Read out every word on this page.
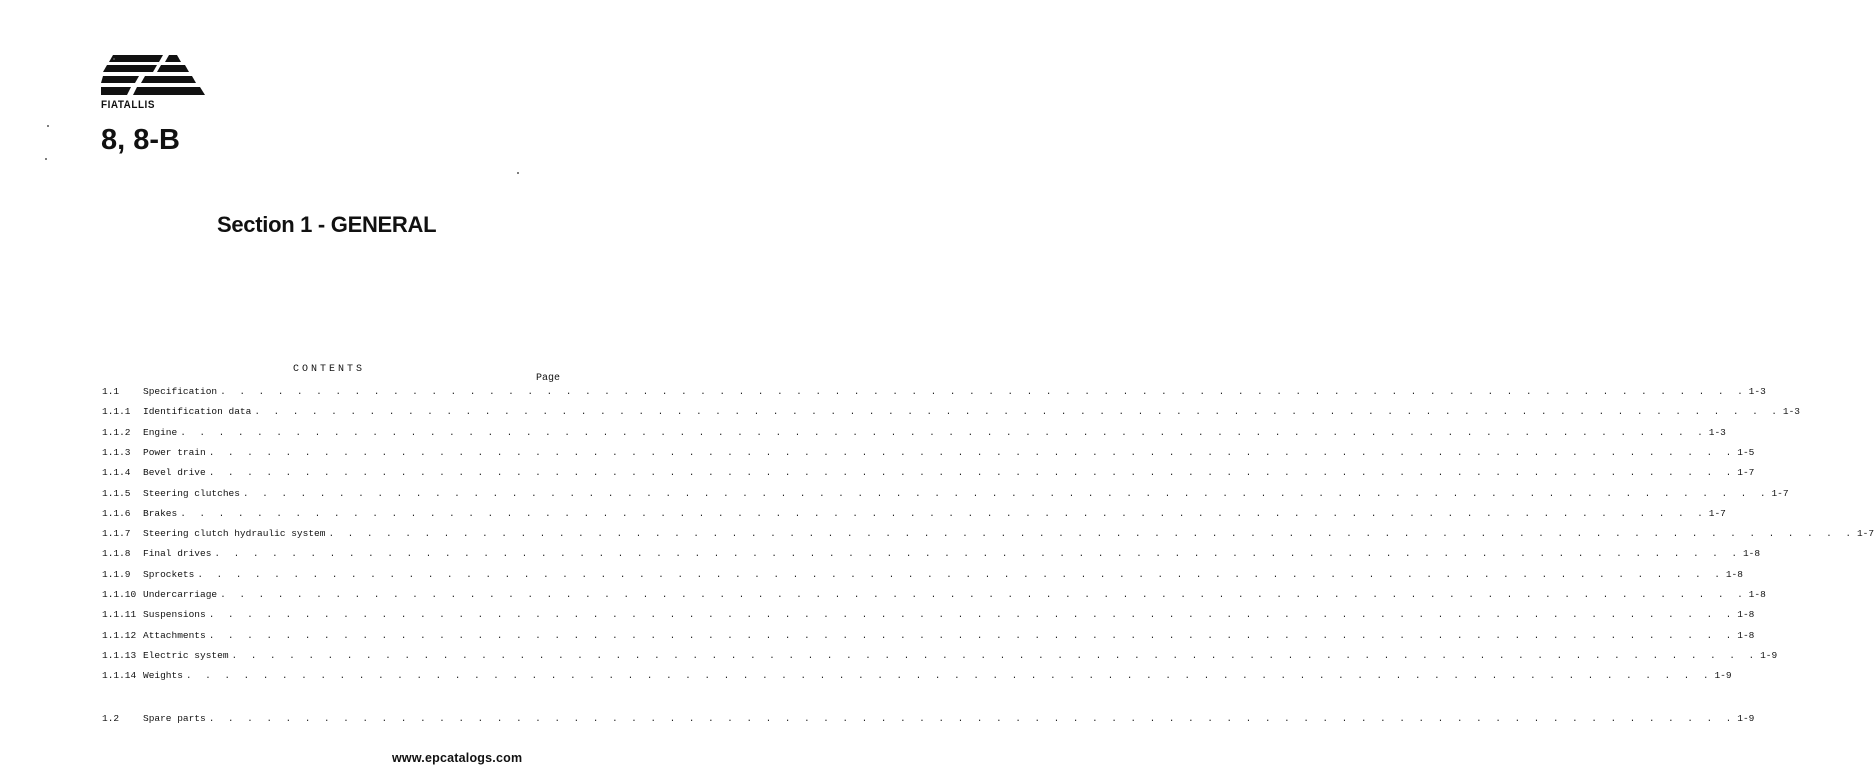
FIATALLIS
8, 8-B
Section 1 - GENERAL
CONTENTS
Page
1.1	Specification . . . . . . . . . . . . . . . . . . . . . . . . . . . . . . . . . . . . . . . . . . . . . . . . . . . . . . . . . . . . . . . . . . . . . . . . . . . . . . . . 1-3
1.1.1	Identification data . . . . . . . . . . . . . . . . . . . . . . . . . . . . . . . . . . . . . . . . . . . . . . . . . . . . . . . . . . . . . . . . . . . . . . . . . . . . . . . . 1-3
1.1.2	Engine . . . . . . . . . . . . . . . . . . . . . . . . . . . . . . . . . . . . . . . . . . . . . . . . . . . . . . . . . . . . . . . . . . . . . . . . . . . . . . . . 1-3
1.1.3	Power train . . . . . . . . . . . . . . . . . . . . . . . . . . . . . . . . . . . . . . . . . . . . . . . . . . . . . . . . . . . . . . . . . . . . . . . . . . . . . . . . 1-5
1.1.4	Bevel drive . . . . . . . . . . . . . . . . . . . . . . . . . . . . . . . . . . . . . . . . . . . . . . . . . . . . . . . . . . . . . . . . . . . . . . . . . . . . . . . . 1-7
1.1.5	Steering clutches . . . . . . . . . . . . . . . . . . . . . . . . . . . . . . . . . . . . . . . . . . . . . . . . . . . . . . . . . . . . . . . . . . . . . . . . . . . . . . . . 1-7
1.1.6	Brakes . . . . . . . . . . . . . . . . . . . . . . . . . . . . . . . . . . . . . . . . . . . . . . . . . . . . . . . . . . . . . . . . . . . . . . . . . . . . . . . . 1-7
1.1.7	Steering clutch hydraulic system . . . . . . . . . . . . . . . . . . . . . . . . . . . . . . . . . . . . . . . . . . . . . . . . . . . . . . . . . . . . . . . . . . . . . . . . . . . . . . . . 1-7
1.1.8	Final drives . . . . . . . . . . . . . . . . . . . . . . . . . . . . . . . . . . . . . . . . . . . . . . . . . . . . . . . . . . . . . . . . . . . . . . . . . . . . . . . . 1-8
1.1.9	Sprockets . . . . . . . . . . . . . . . . . . . . . . . . . . . . . . . . . . . . . . . . . . . . . . . . . . . . . . . . . . . . . . . . . . . . . . . . . . . . . . . . 1-8
1.1.10 Undercarriage . . . . . . . . . . . . . . . . . . . . . . . . . . . . . . . . . . . . . . . . . . . . . . . . . . . . . . . . . . . . . . . . . . . . . . . . . . . . . . . . 1-8
1.1.11 Suspensions . . . . . . . . . . . . . . . . . . . . . . . . . . . . . . . . . . . . . . . . . . . . . . . . . . . . . . . . . . . . . . . . . . . . . . . . . . . . . . . . 1-8
1.1.12 Attachments . . . . . . . . . . . . . . . . . . . . . . . . . . . . . . . . . . . . . . . . . . . . . . . . . . . . . . . . . . . . . . . . . . . . . . . . . . . . . . . . 1-8
1.1.13 Electric system . . . . . . . . . . . . . . . . . . . . . . . . . . . . . . . . . . . . . . . . . . . . . . . . . . . . . . . . . . . . . . . . . . . . . . . . . . . . . . . . 1-9
1.1.14 Weights . . . . . . . . . . . . . . . . . . . . . . . . . . . . . . . . . . . . . . . . . . . . . . . . . . . . . . . . . . . . . . . . . . . . . . . . . . . . . . . . 1-9
1.2	Spare parts . . . . . . . . . . . . . . . . . . . . . . . . . . . . . . . . . . . . . . . . . . . . . . . . . . . . . . . . . . . . . . . . . . . . . . . . . . . . . . . . 1-9
www.epcatalogs.com
